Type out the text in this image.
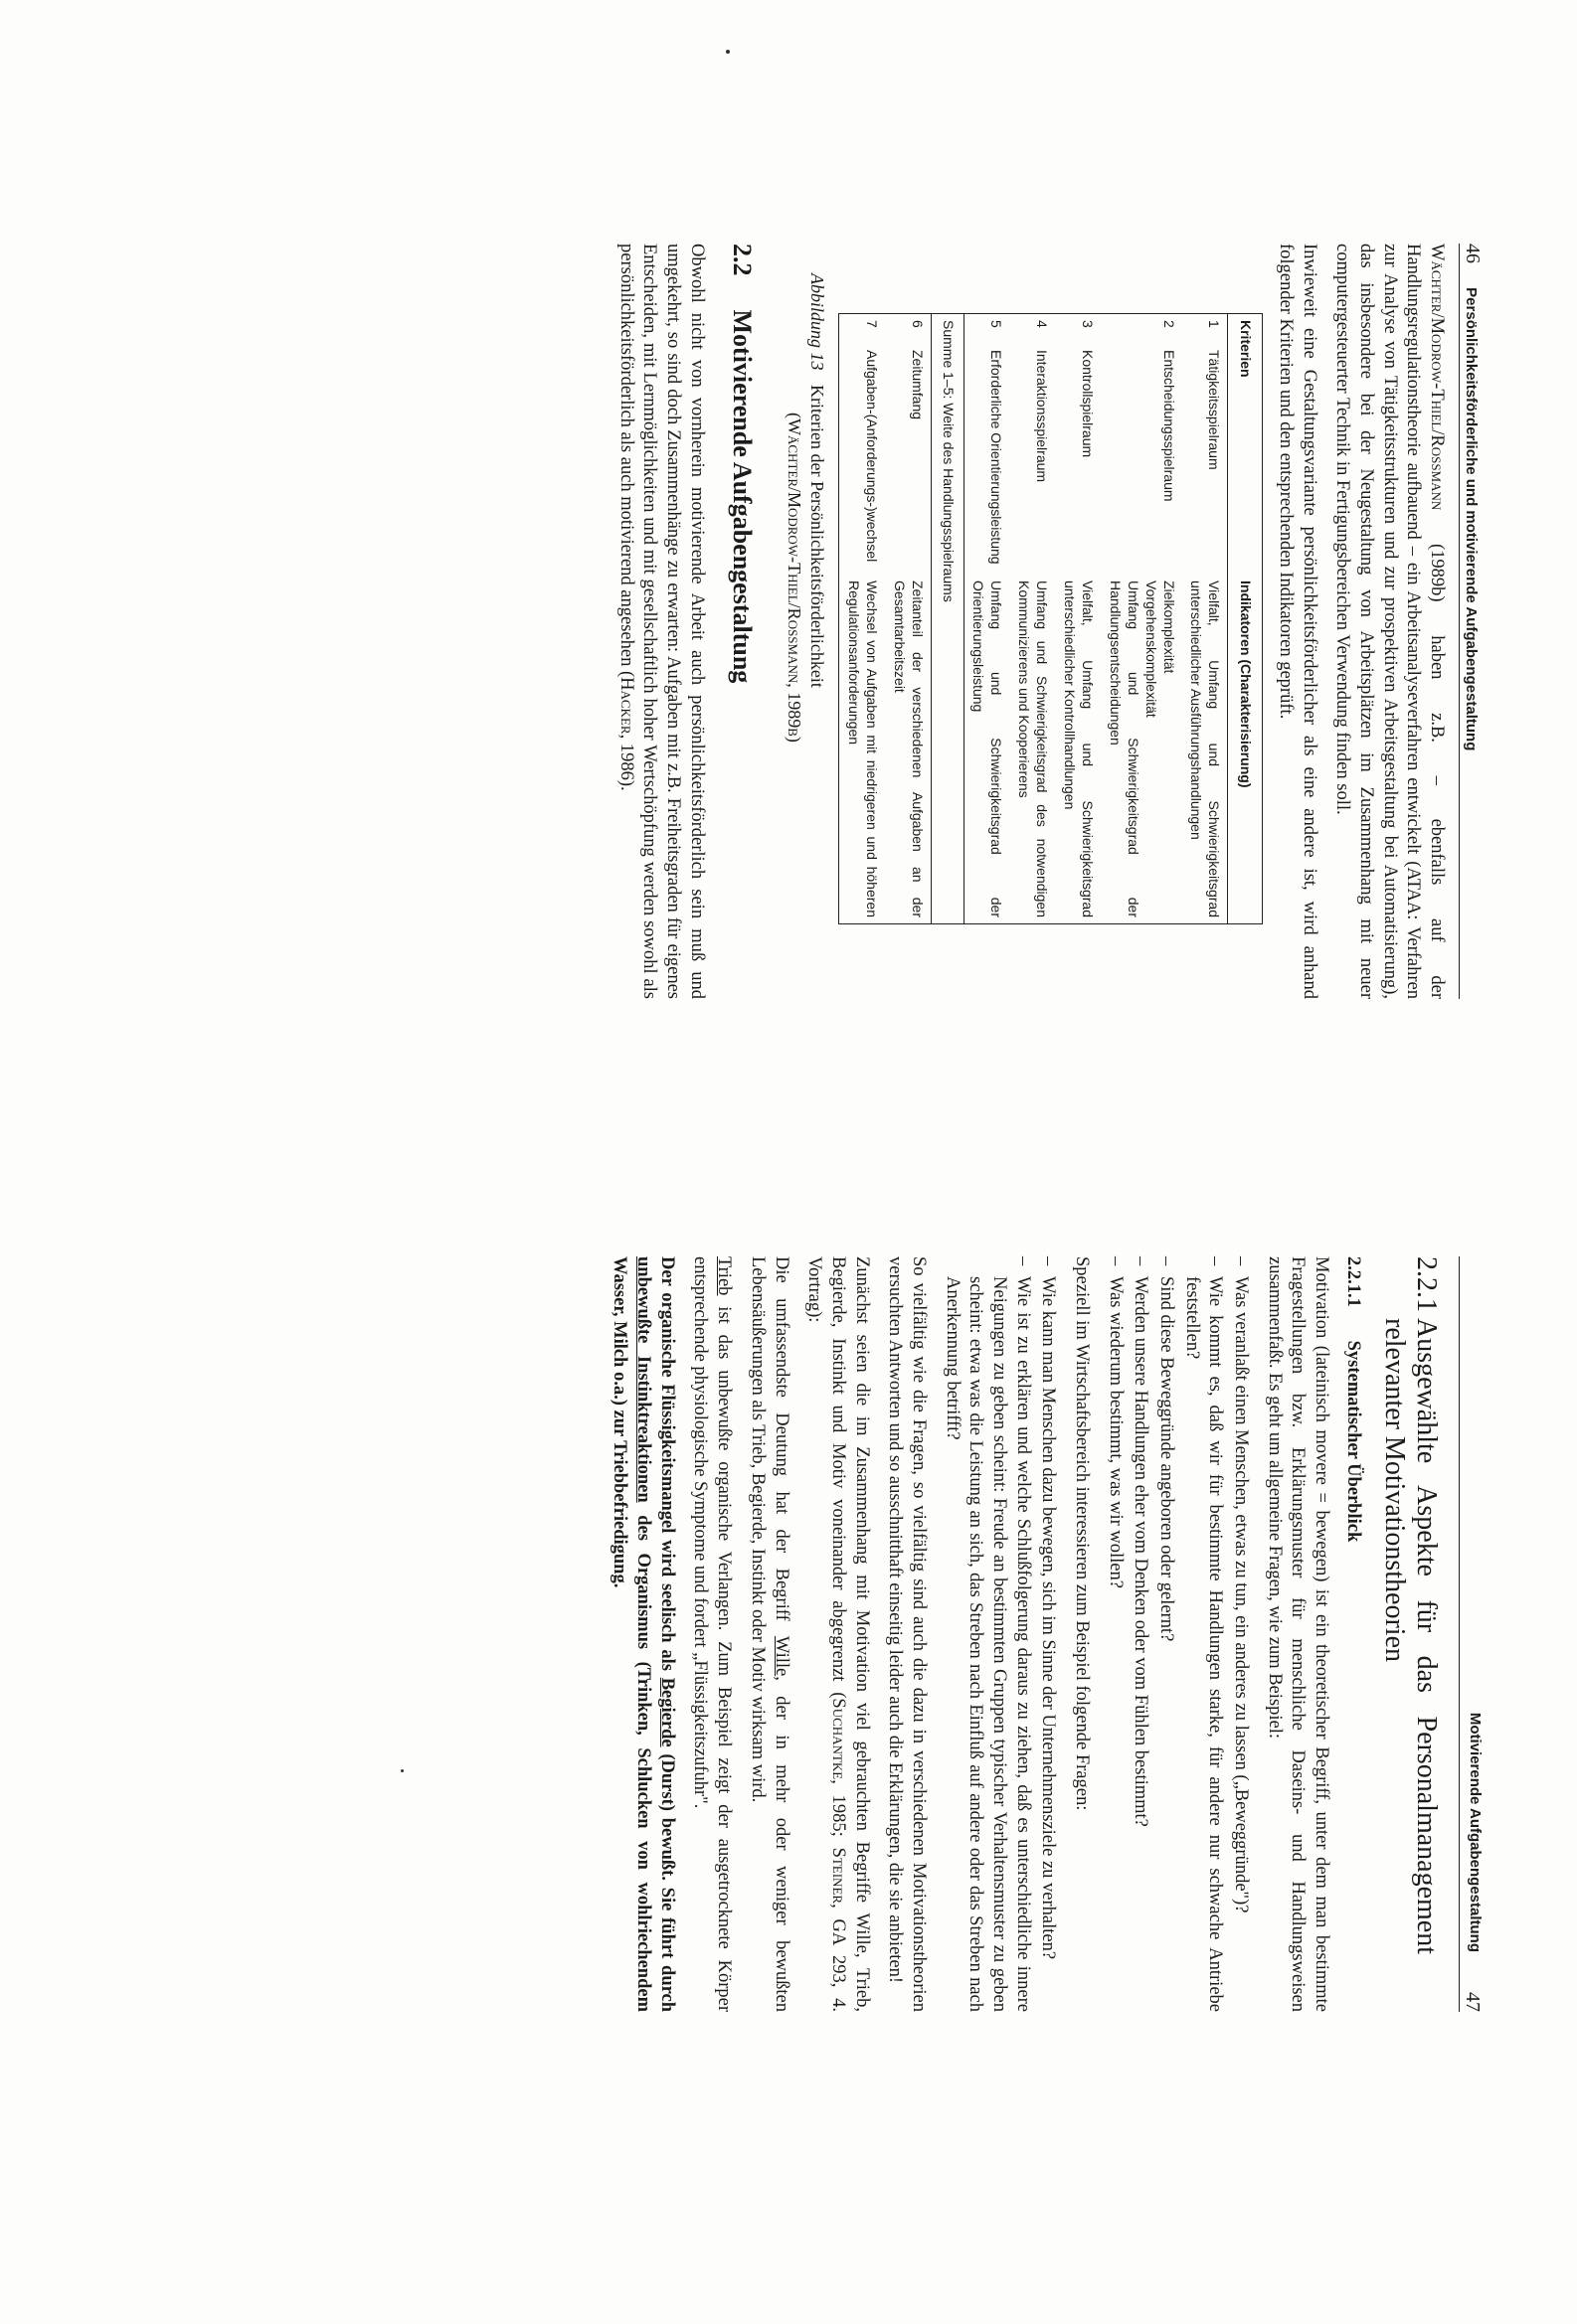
46 Persönlichkeitsförderliche und motivierende Aufgabengestaltung

Wächter/Modrow-Thiel/Rossmann (1989b) haben z.B. – ebenfalls auf der Handlungsregulationstheorie aufbauend – ein Arbeitsanalyseverfahren entwickelt (ATAA: Verfahren zur Analyse von Tätigkeitsstrukturen und zur prospektiven Arbeitsgestaltung bei Automatisierung), das insbesondere bei der Neugestaltung von Arbeitsplätzen im Zusammenhang mit neuer computergesteuerter Technik in Fertigungsbereichen Verwendung finden soll.

Inwieweit eine Gestaltungsvariante persönlichkeitsförderlicher als eine andere ist, wird anhand folgender Kriterien und den entsprechenden Indikatoren geprüft.

Kriterien		Indikatoren (Charakterisierung)
1	Tätigkeitsspielraum	Vielfalt, Umfang und Schwierigkeitsgrad unterschiedlicher Ausführungshandlungen
2	Entscheidungsspielraum	Zielkomplexität
Vorgehenskomplexität
Umfang und Schwierigkeitsgrad der Handlungsentscheidungen
3	Kontrollspielraum	Vielfalt, Umfang und Schwierigkeitsgrad unterschiedlicher Kontrollhandlungen
4	Interaktionsspielraum	Umfang und Schwierigkeitsgrad des notwendigen Kommunizierens und Kooperierens
5	Erforderliche Orientierungsleistung	Umfang und Schwierigkeitsgrad der Orientierungsleistung
Summe 1–5: Weite des Handlungsspielraums		
6	Zeitumfang	Zeitanteil der verschiedenen Aufgaben an der Gesamtarbeitszeit
7	Aufgaben-(Anforderungs-)wechsel	Wechsel von Aufgaben mit niedrigeren und höheren Regulationsanforderungen
Abbildung 13 Kriterien der Persönlichkeitsförderlichkeit
(Wächter/Modrow-Thiel/Rossmann, 1989b)
2.2 Motivierende Aufgabengestaltung

Obwohl nicht von vornherein motivierende Arbeit auch persönlichkeitsförderlich sein muß und umgekehrt, so sind doch Zusammenhänge zu erwarten: Aufgaben mit z.B. Freiheitsgraden für eigenes Entscheiden, mit Lernmöglichkeiten und mit gesellschaftlich hoher Wertschöpfung werden sowohl als persönlichkeitsförderlich als auch motivierend angesehen (Hacker, 1986).

Motivierende Aufgabengestaltung
47
2.2.1Ausgewählte Aspekte für das Personalmanagement relevanter Motivationstheorien
2.2.1.1 Systematischer Überblick

Motivation (lateinisch movere = bewegen) ist ein theoretischer Begriff, unter dem man bestimmte Fragestellungen bzw. Erklärungsmuster für menschliche Daseins- und Handlungsweisen zusammenfaßt. Es geht um allgemeine Fragen, wie zum Beispiel:

– Was veranlaßt einen Menschen, etwas zu tun, ein anderes zu lassen („Beweggründe")?
– Wie kommt es, daß wir für bestimmte Handlungen starke, für andere nur schwache Antriebe feststellen?
– Sind diese Beweggründe angeboren oder gelernt?
– Werden unsere Handlungen eher vom Denken oder vom Fühlen bestimmt?
– Was wiederum bestimmt, was wir wollen?

Speziell im Wirtschaftsbereich interessieren zum Beispiel folgende Fragen:

– Wie kann man Menschen dazu bewegen, sich im Sinne der Unternehmensziele zu verhalten?
– Wie ist zu erklären und welche Schlußfolgerung daraus zu ziehen, daß es unterschiedliche innere Neigungen zu geben scheint: Freude an bestimmten Gruppen typischer Verhaltensmuster zu geben scheint: etwa was die Leistung an sich, das Streben nach Einfluß auf andere oder das Streben nach Anerkennung betrifft?

So vielfältig wie die Fragen, so vielfältig sind auch die dazu in verschiedenen Motivationstheorien versuchten Antworten und so ausschnitthaft einseitig leider auch die Erklärungen, die sie anbieten!

Zunächst seien die im Zusammenhang mit Motivation viel gebrauchten Begriffe Wille, Trieb, Begierde, Instinkt und Motiv voneinander abgegrenzt (Suchantke, 1985; Steiner, GA 293, 4. Vortrag):

Die umfassendste Deutung hat der Begriff Wille, der in mehr oder weniger bewußten Lebensäußerungen als Trieb, Begierde, Instinkt oder Motiv wirksam wird.

Trieb ist das unbewußte organische Verlangen. Zum Beispiel zeigt der ausgetrocknete Körper entsprechende physiologische Symptome und fordert „Flüssigkeitszufuhr".

Der organische Flüssigkeitsmangel wird seelisch als Begierde (Durst) bewußt. Sie führt durch unbewußte Instinktreaktionen des Organismus (Trinken, Schlucken von wohlriechendem Wasser, Milch o.a.) zur Triebbefriedigung.
